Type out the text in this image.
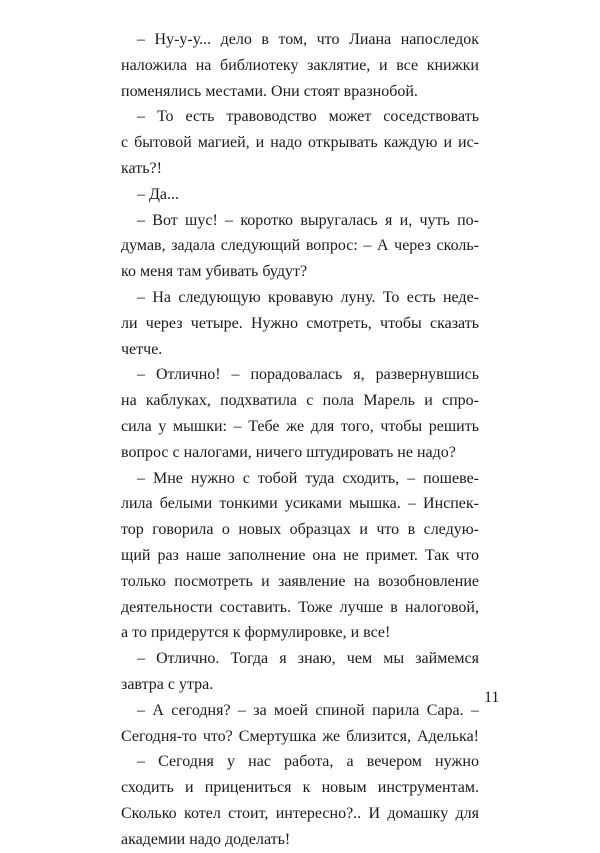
– Ну-у-у... дело в том, что Лиана напоследок
наложила на библиотеку заклятие, и все книжки
поменялись местами. Они стоят вразнобой.
– То есть травоводство может соседствовать
с бытовой магией, и надо открывать каждую и ис-
кать?!
– Да...
– Вот шус! – коротко выругалась я и, чуть по-
думав, задала следующий вопрос: – А через сколь-
ко меня там убивать будут?
– На следующую кровавую луну. То есть неде-
ли через четыре. Нужно смотреть, чтобы сказать
четче.
– Отлично! – порадовалась я, развернувшись
на каблуках, подхватила с пола Марель и спро-
сила у мышки: – Тебе же для того, чтобы решить
вопрос с налогами, ничего штудировать не надо?
– Мне нужно с тобой туда сходить, – пошеве-
лила белыми тонкими усиками мышка. – Инспек-
тор говорила о новых образцах и что в следую-
щий раз наше заполнение она не примет. Так что
только посмотреть и заявление на возобновление
деятельности составить. Тоже лучше в налоговой,
а то придерутся к формулировке, и все!
– Отлично. Тогда я знаю, чем мы займемся
завтра с утра.
– А сегодня? – за моей спиной парила Сара. –
Сегодня-то что? Смертушка же близится, Аделька!
– Сегодня у нас работа, а вечером нужно
сходить и прицениться к новым инструментам.
Сколько котел стоит, интересно?.. И домашку для
академии надо доделать!
11
